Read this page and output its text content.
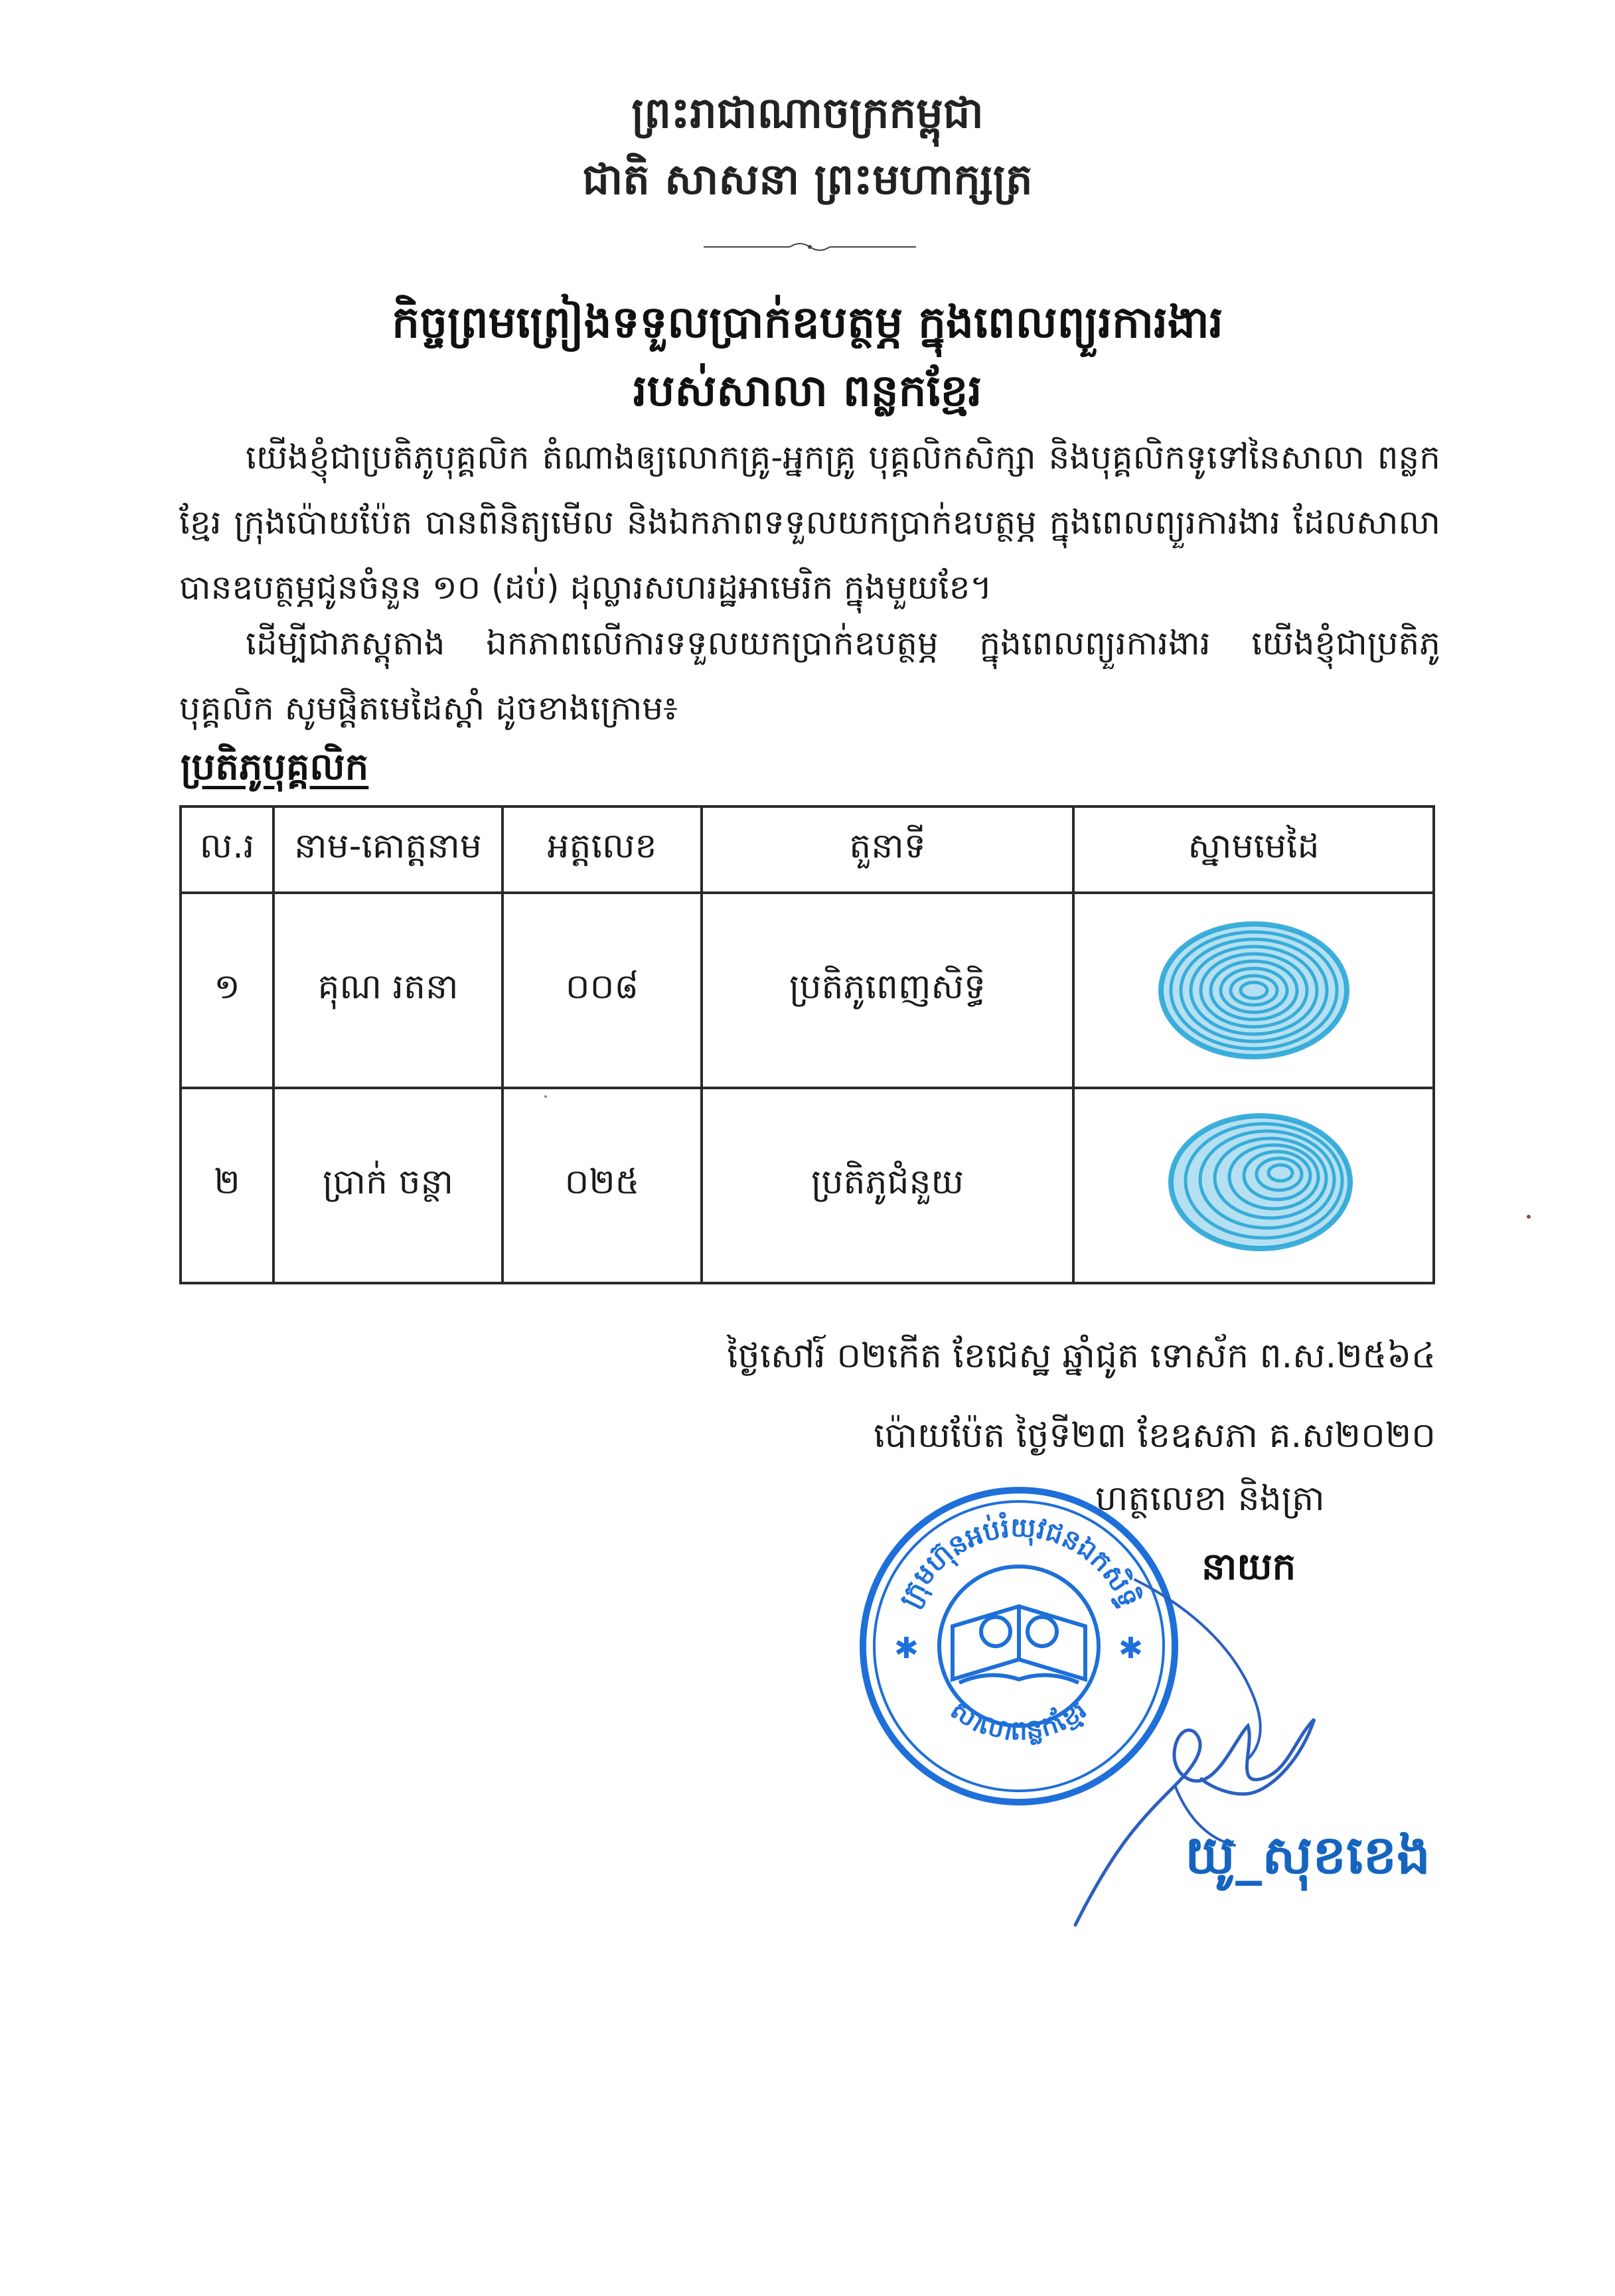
ព្រះរាជាណាចក្រកម្ពុជា
ជាតិ សាសនា ព្រះមហាក្សត្រ
កិច្ចព្រមព្រៀងទទួលប្រាក់ឧបត្ថម្ភ ក្នុងពេលព្យួរការងារ
របស់សាលា ពន្លកខ្មែរ
យើងខ្ញុំជាប្រតិភូបុគ្គលិក តំណាងឲ្យលោកគ្រូ-អ្នកគ្រូ បុគ្គលិកសិក្សា និងបុគ្គលិកទូទៅនៃសាលា ពន្លកខ្មែរ ក្រុងប៉ោយប៉ែត បានពិនិត្យមើល និងឯកភាពទទួលយកប្រាក់ឧបត្ថម្ភ ក្នុងពេលព្យួរការងារ ដែលសាលាបានឧបត្ថម្ភជូនចំនួន ១០ (ដប់) ដុល្លារសហរដ្ឋអាមេរិក ក្នុងមួយខែ។
ដើម្បីជាភស្តុតាង ឯកភាពលើការទទួលយកប្រាក់ឧបត្ថម្ភ ក្នុងពេលព្យួរការងារ យើងខ្ញុំជាប្រតិភូបុគ្គលិក សូមផ្តិតមេដៃស្តាំ ដូចខាងក្រោម៖
ប្រតិភូបុគ្គលិក
ល.រ	នាម-គោត្តនាម	អត្តលេខ	តួនាទី	ស្នាមមេដៃ
១	គុណ រតនា	០០៨	ប្រតិភូពេញសិទ្ធិ	

២	ប្រាក់ ចន្ថា	០២៥	ប្រតិភូជំនួយ	
ថ្ងៃសៅរ៍ ០២កើត ខែជេស្ឋ ឆ្នាំជូត ទោស័ក ព.ស.២៥៦៤
ប៉ោយប៉ែត ថ្ងៃទី២៣ ខែឧសភា គ.ស២០២០
ហត្ថលេខា និងត្រា
នាយក
ក្រុមហ៊ុនអប់រំយុវជនឯកសិទ្ធិ
សាលាពន្លកខ្មែរ
✱	✱
យូ_សុខខេង
